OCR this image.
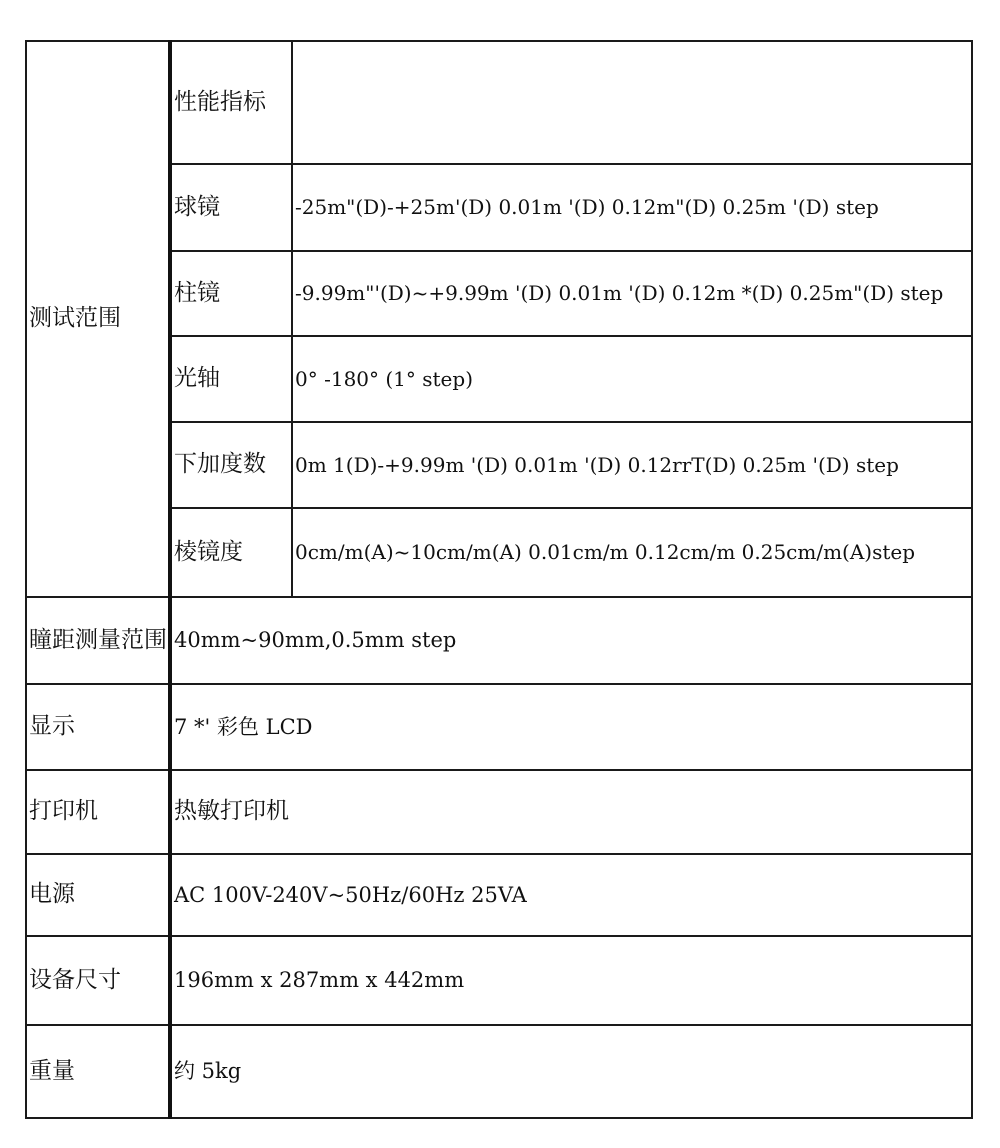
测试范围	性能指标	
	球镜	-25m"(D)-+25m'(D) 0.01m '(D) 0.12m"(D) 0.25m '(D) step
	柱镜	-9.99m"'(D)~+9.99m '(D) 0.01m '(D) 0.12m *(D) 0.25m"(D) step
	光轴	0° -180° (1° step)
	下加度数	0m 1(D)-+9.99m '(D) 0.01m '(D) 0.12rrT(D) 0.25m '(D) step
	棱镜度	0cm/m(A)~10cm/m(A) 0.01cm/m 0.12cm/m 0.25cm/m(A)step
瞳距测量范围	40mm~90mm,0.5mm step	
显示	7 *' 彩色 LCD	
打印机	热敏打印机	
电源	AC 100V-240V~50Hz/60Hz 25VA	
设备尺寸	196mm x 287mm x 442mm	
重量	约 5kg	
